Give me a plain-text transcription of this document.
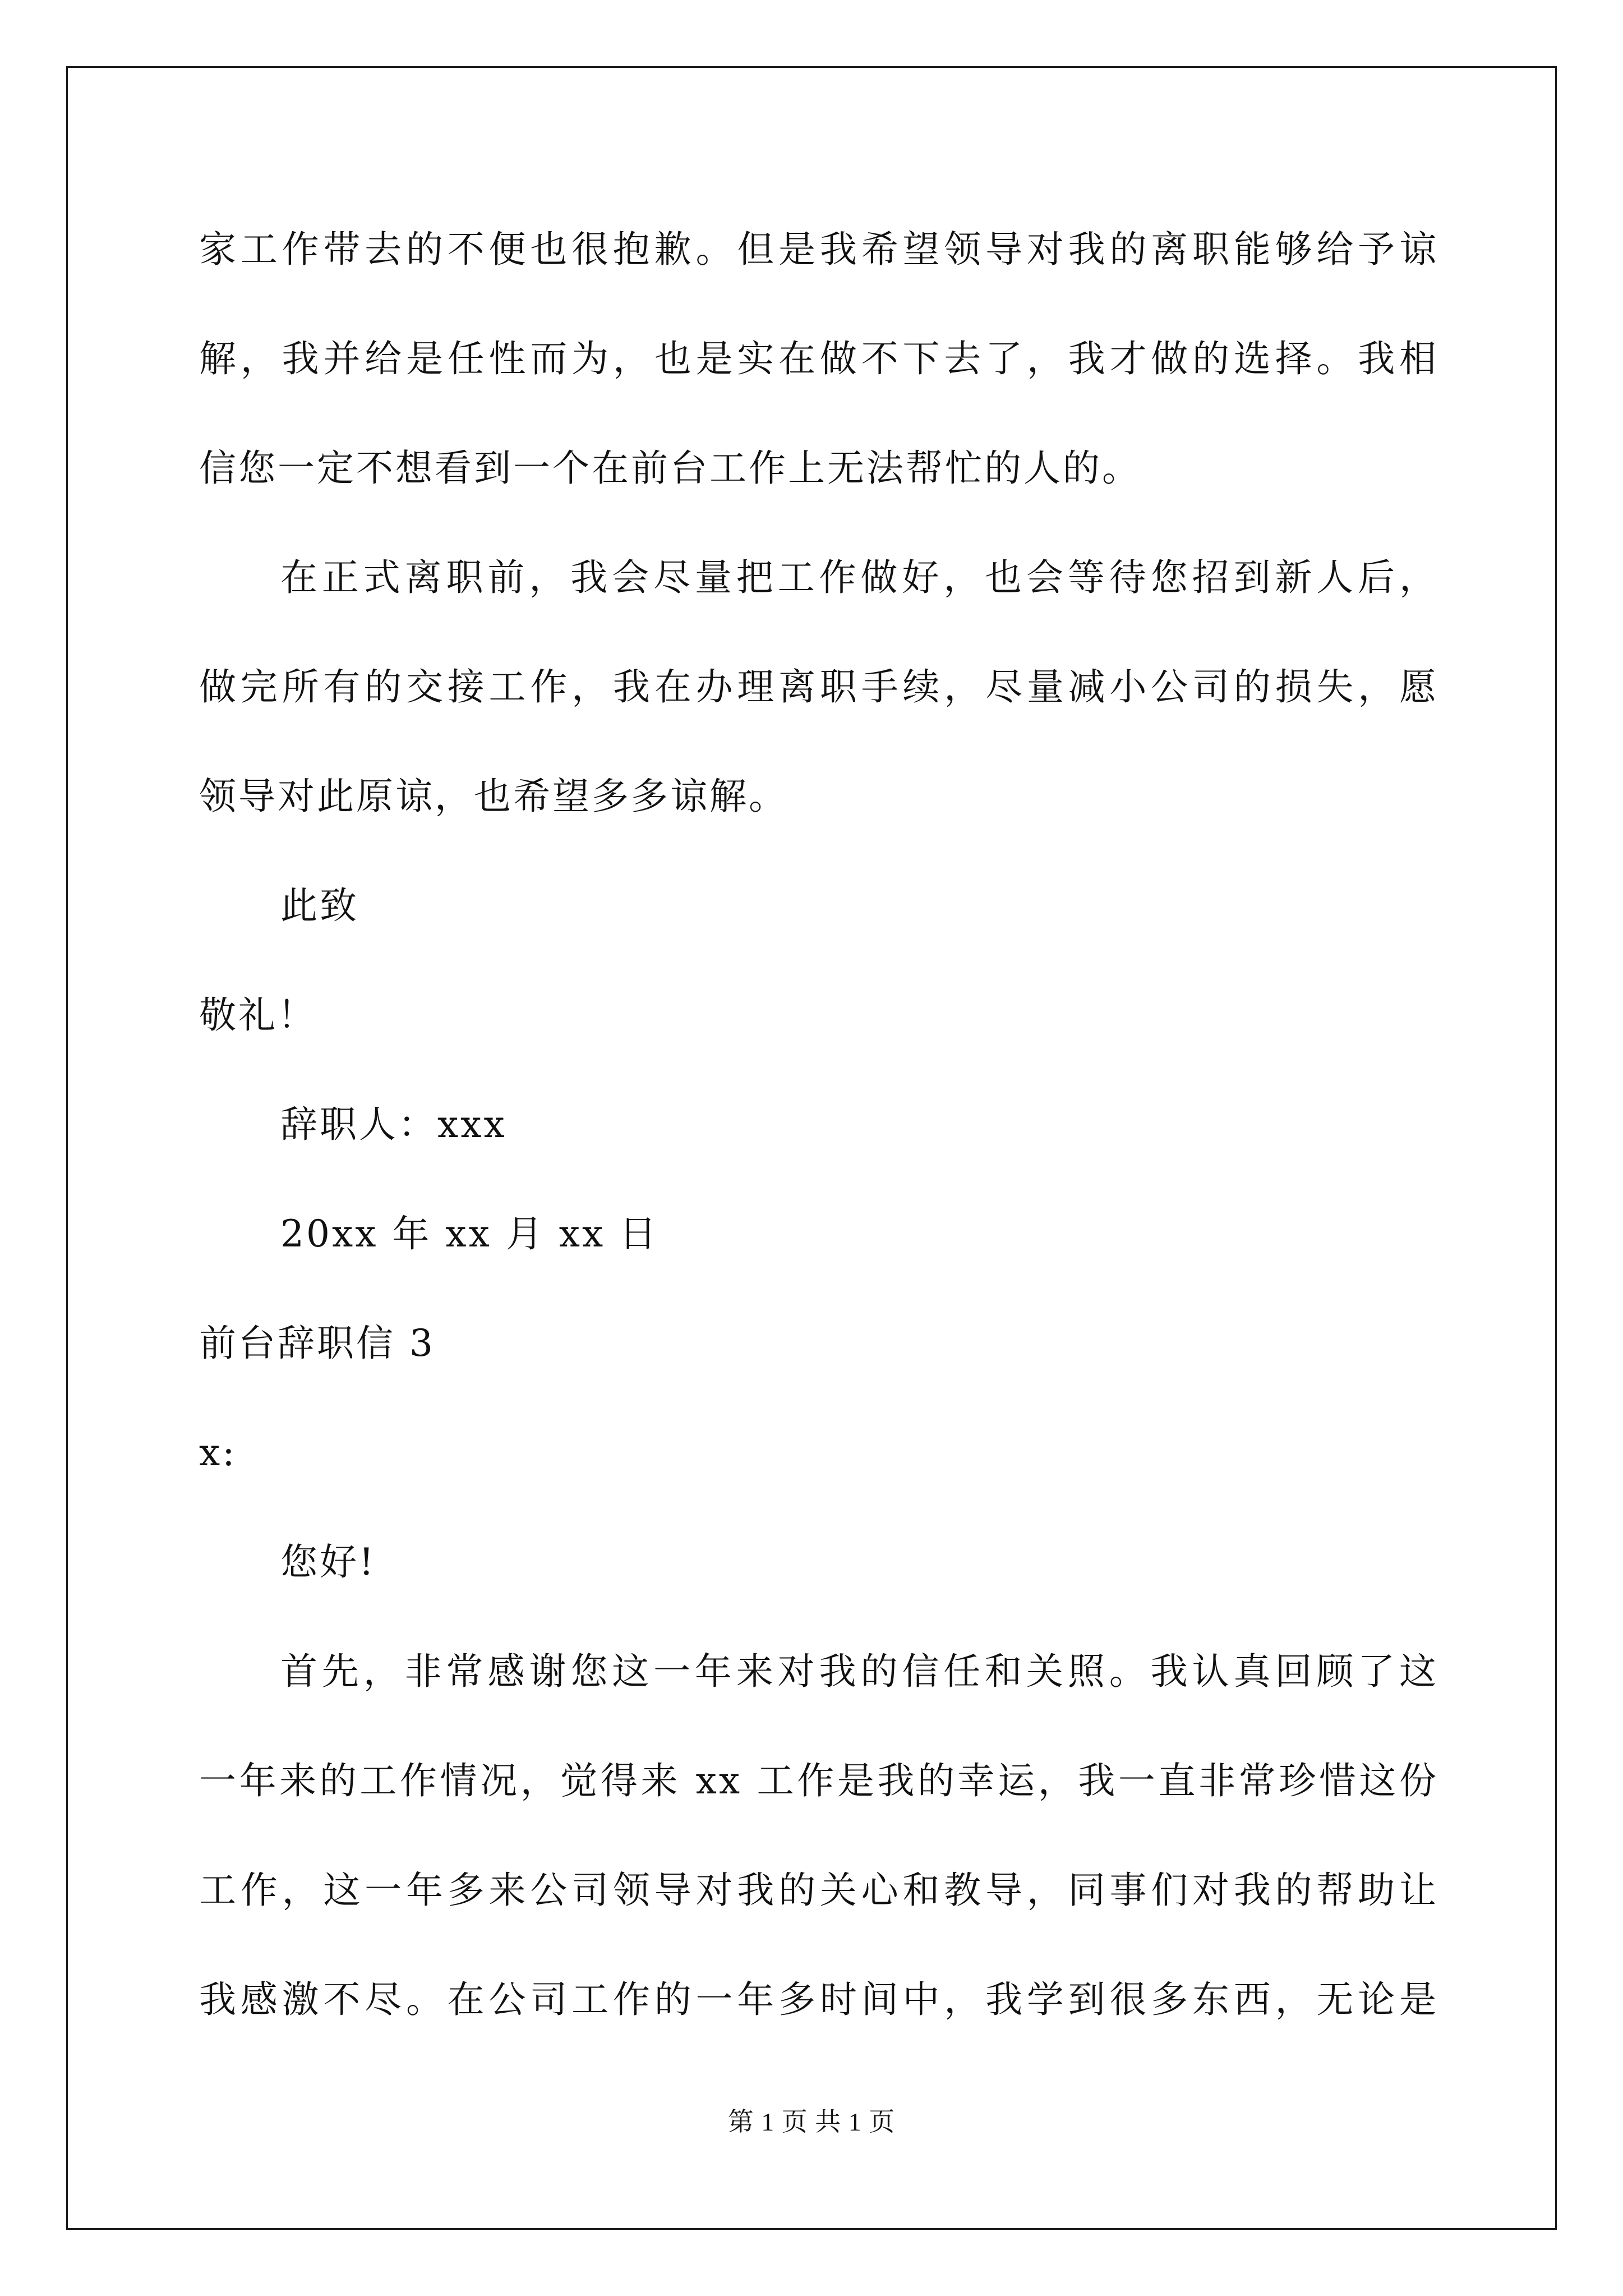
家工作带去的不便也很抱歉。但是我希望领导对我的离职能够给予谅
解，我并给是任性而为，也是实在做不下去了，我才做的选择。我相
信您一定不想看到一个在前台工作上无法帮忙的人的。
在正式离职前，我会尽量把工作做好，也会等待您招到新人后，
做完所有的交接工作，我在办理离职手续，尽量减小公司的损失，愿
领导对此原谅，也希望多多谅解。
此致
敬礼！
辞职人：xxx
20xx 年 xx 月 xx 日
前台辞职信 3
x:
您好!
首先，非常感谢您这一年来对我的信任和关照。我认真回顾了这
一年来的工作情况，觉得来 xx 工作是我的幸运，我一直非常珍惜这份
工作，这一年多来公司领导对我的关心和教导，同事们对我的帮助让
我感激不尽。在公司工作的一年多时间中，我学到很多东西，无论是
第 1 页 共 1 页
